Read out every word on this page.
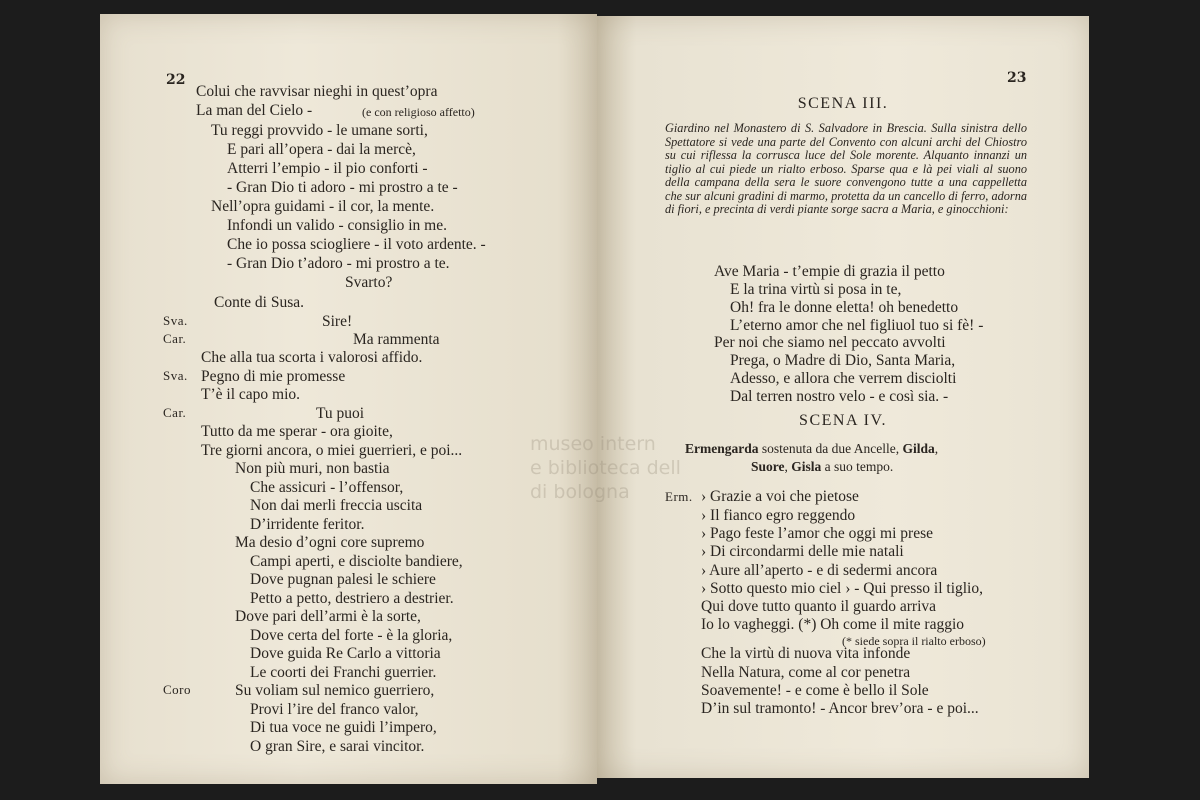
22
Colui che ravvisar nieghi in quest’opra
La man del Cielo -
Tu reggi provvido - le umane sorti,
E pari all’opera - dai la mercè,
Atterri l’empio - il pio conforti -
- Gran Dio ti adoro - mi prostro a te -
Nell’opra guidami - il cor, la mente.
Infondi un valido - consiglio in me.
Che io possa sciogliere - il voto ardente. -
- Gran Dio t’adoro - mi prostro a te.
Svarto?
Conte di Susa.
Sire!
Ma rammenta
Che alla tua scorta i valorosi affido.
Pegno di mie promesse
T’è il capo mio.
Tu puoi
Tutto da me sperar - ora gioite,
Tre giorni ancora, o miei guerrieri, e poi...
Non più muri, non bastia
Che assicuri - l’offensor,
Non dai merli freccia uscita
D’irridente feritor.
Ma desio d’ogni core supremo
Campi aperti, e disciolte bandiere,
Dove pugnan palesi le schiere
Petto a petto, destriero a destrier.
Dove pari dell’armi è la sorte,
Dove certa del forte - è la gloria,
Dove guida Re Carlo a vittoria
Le coorti dei Franchi guerrier.
Su voliam sul nemico guerriero,
Provi l’ire del franco valor,
Di tua voce ne guidi l’impero,
O gran Sire, e sarai vincitor.
(e con religioso affetto)
Sva.
Car.
Sva.
Car.
Coro
23
SCENA III.
Giardino nel Monastero di S. Salvadore in Brescia. Sulla sinistra dello Spettatore si vede una parte del Convento con alcuni archi del Chiostro su cui riflessa la corrusca luce del Sole morente. Alquanto innanzi un tiglio al cui piede un rialto erboso. Sparse qua e là pei viali al suono della campana della sera le suore convengono tutte a una cappelletta che sur alcuni gradini di marmo, protetta da un cancello di ferro, adorna di fiori, e precinta di verdi piante sorge sacra a Maria, e ginocchioni:
Ave Maria - t’empie di grazia il petto
E la trina virtù si posa in te,
Oh! fra le donne eletta! oh benedetto
L’eterno amor che nel figliuol tuo si fè! -
Per noi che siamo nel peccato avvolti
Prega, o Madre di Dio, Santa Maria,
Adesso, e allora che verrem disciolti
Dal terren nostro velo - e così sia. -
SCENA IV.
Ermengarda sostenuta da due Ancelle, Gilda,
Suore, Gisla a suo tempo.
Erm. › Grazie a voi che pietose
› Il fianco egro reggendo
› Pago feste l’amor che oggi mi prese
› Di circondarmi delle mie natali
› Aure all’aperto - e di sedermi ancora
› Sotto questo mio ciel › - Qui presso il tiglio,
Qui dove tutto quanto il guardo arriva
Io lo vagheggi. (*) Oh come il mite raggio
Che la virtù di nuova vita infonde
Nella Natura, come al cor penetra
Soavemente! - e come è bello il Sole
D’in sul tramonto! - Ancor brev’ora - e poi...
(* siede sopra il rialto erboso)
museo intern
e biblioteca dell
di bologna
